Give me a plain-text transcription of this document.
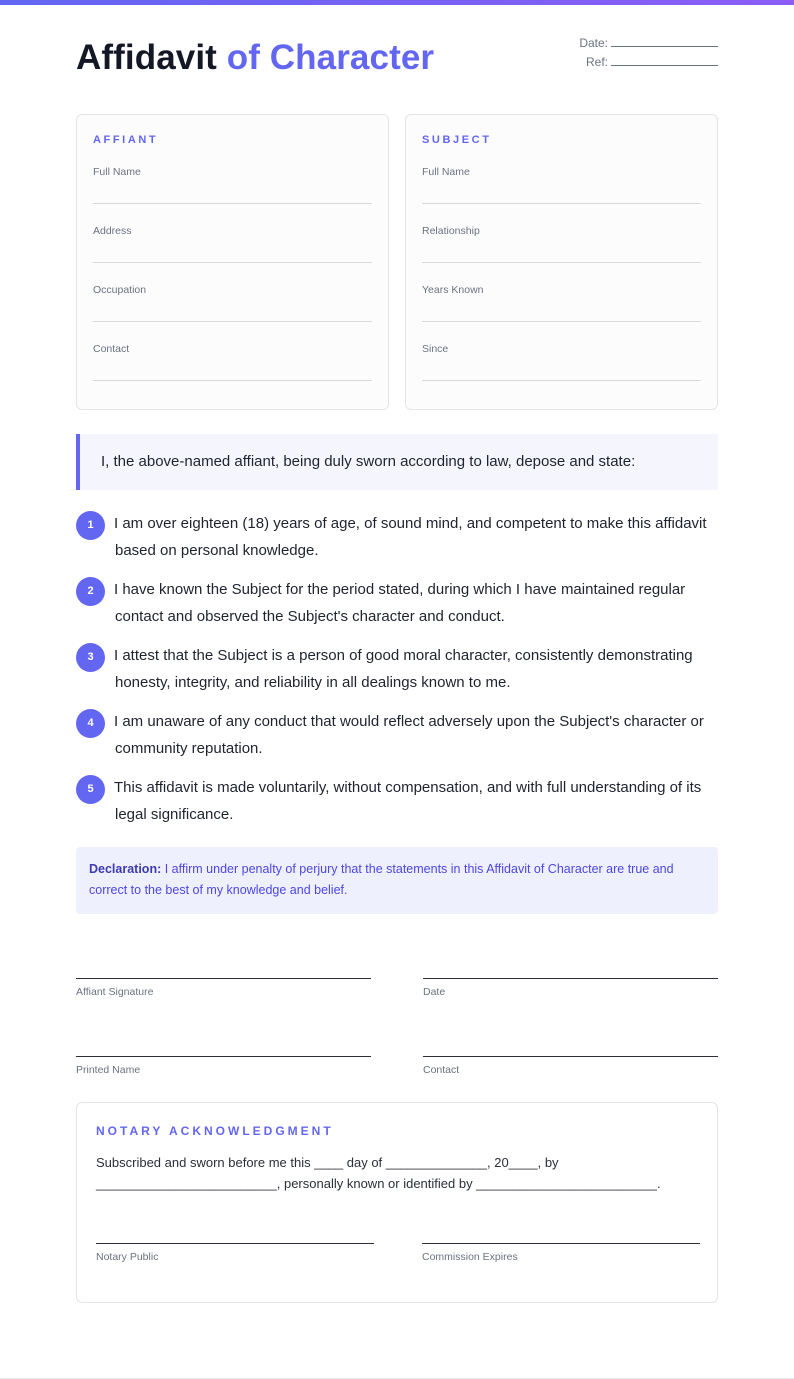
Affidavit of Character	Date:
Ref:
AFFIANT
Full Name
Address
Occupation
Contact
SUBJECT
Full Name
Relationship
Years Known
Since
I, the above-named affiant, being duly sworn according to law, depose and state:
1	I am over eighteen (18) years of age, of sound mind, and competent to make this affidavit based on personal knowledge.
2	I have known the Subject for the period stated, during which I have maintained regular contact and observed the Subject's character and conduct.
3	I attest that the Subject is a person of good moral character, consistently demonstrating honesty, integrity, and reliability in all dealings known to me.
4	I am unaware of any conduct that would reflect adversely upon the Subject's character or community reputation.
5	This affidavit is made voluntarily, without compensation, and with full understanding of its legal significance.
Declaration: I affirm under penalty of perjury that the statements in this Affidavit of Character are true and correct to the best of my knowledge and belief.
Affiant Signature	Date
Printed Name	Contact
NOTARY ACKNOWLEDGMENT
Subscribed and sworn before me this ____ day of ______________, 20____, by _________________________, personally known or identified by _________________________.
Notary Public	Commission Expires
